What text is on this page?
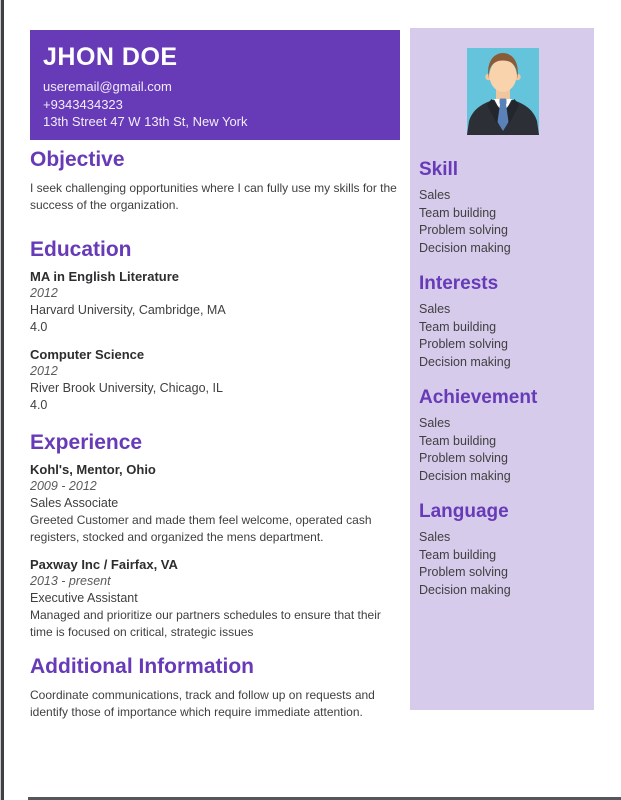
JHON DOE
useremail@gmail.com
+9343434323
13th Street 47 W 13th St, New York
Objective

I seek challenging opportunities where I can fully use my skills for the success of the organization.

Education
MA in English Literature
2012
Harvard University, Cambridge, MA
4.0
Computer Science
2012
River Brook University, Chicago, IL
4.0
Experience
Kohl's, Mentor, Ohio
2009 - 2012
Sales Associate
Greeted Customer and made them feel welcome, operated cash registers, stocked and organized the mens department.
Paxway Inc / Fairfax, VA
2013 - present
Executive Assistant
Managed and prioritize our partners schedules to ensure that their time is focused on critical, strategic issues
Additional Information

Coordinate communications, track and follow up on requests and identify those of importance which require immediate attention.

Skill
Sales
Team building
Problem solving
Decision making
Interests
Sales
Team building
Problem solving
Decision making
Achievement
Sales
Team building
Problem solving
Decision making
Language
Sales
Team building
Problem solving
Decision making
